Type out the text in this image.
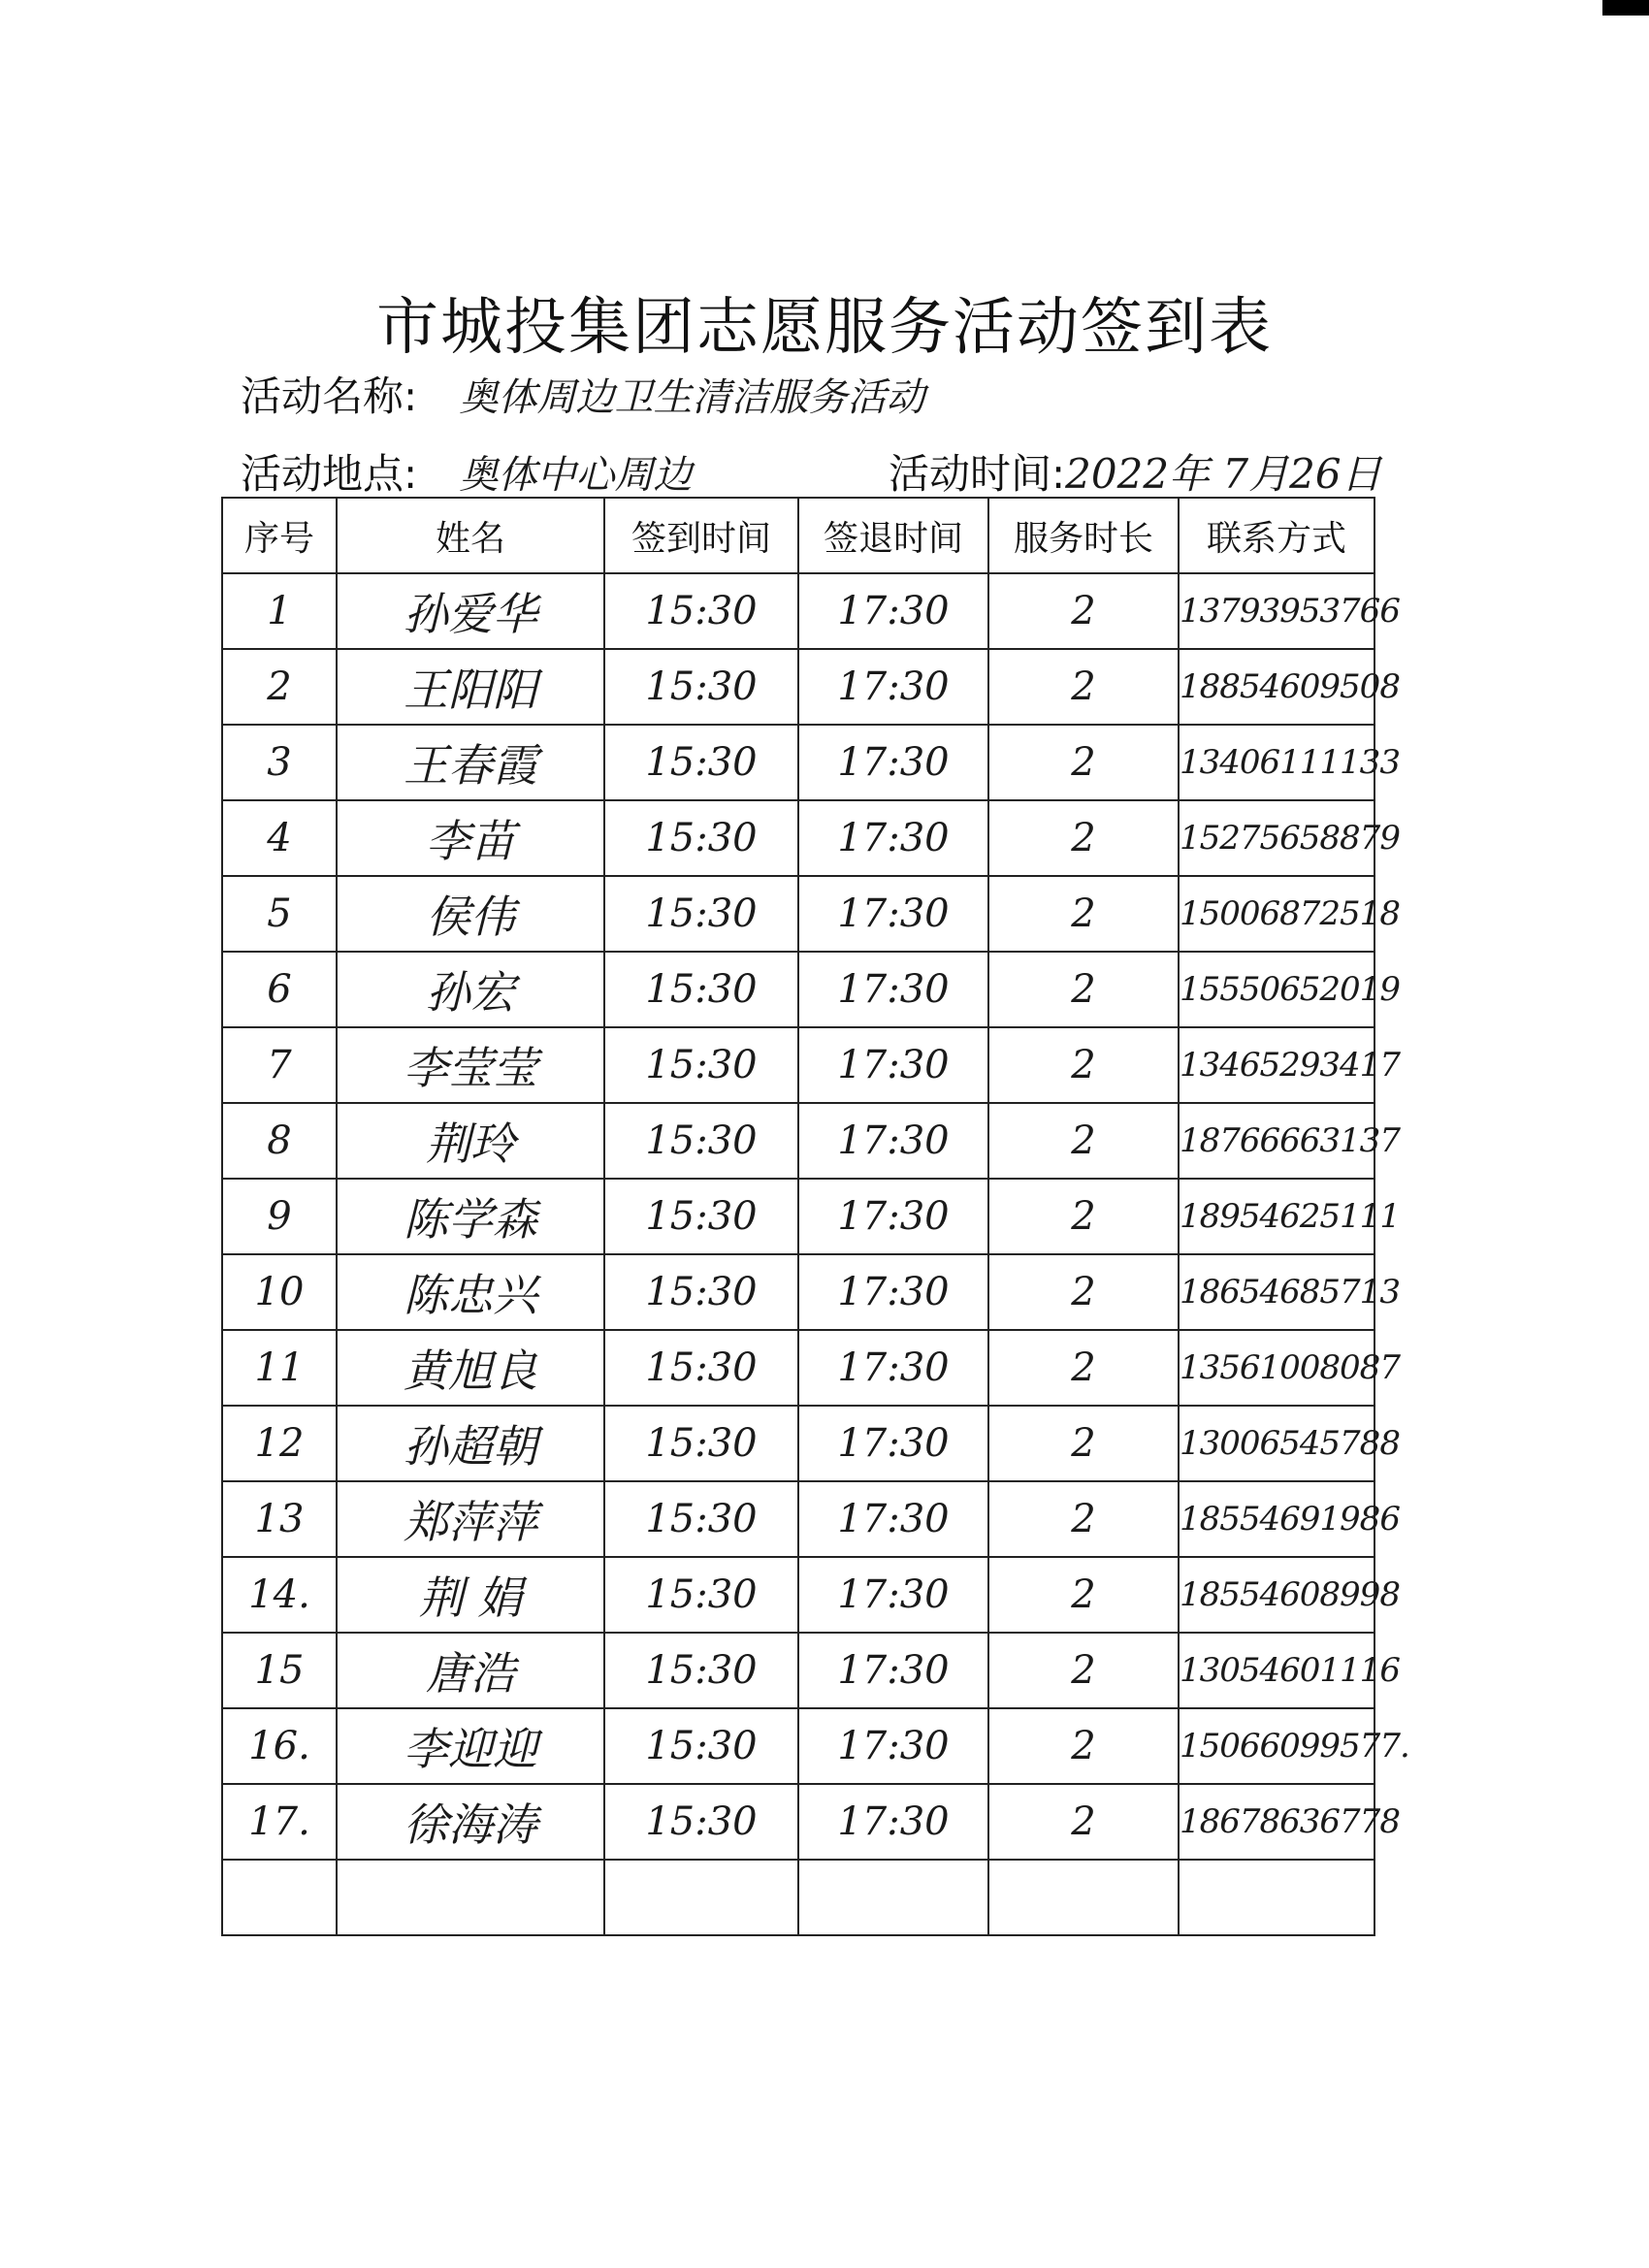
市城投集团志愿服务活动签到表
活动名称: 奥体周边卫生清洁服务活动
活动地点: 奥体中心周边	活动时间:2022年 7月26日
序号	姓名	签到时间	签退时间	服务时长	联系方式
1	孙爱华	15:30	17:30	2	13793953766
2	王阳阳	15:30	17:30	2	18854609508
3	王春霞	15:30	17:30	2	13406111133
4	李苗	15:30	17:30	2	15275658879
5	侯伟	15:30	17:30	2	15006872518
6	孙宏	15:30	17:30	2	15550652019
7	李莹莹	15:30	17:30	2	13465293417
8	荆玲	15:30	17:30	2	18766663137
9	陈学森	15:30	17:30	2	18954625111
10	陈忠兴	15:30	17:30	2	18654685713
11	黄旭良	15:30	17:30	2	13561008087
12	孙超朝	15:30	17:30	2	13006545788
13	郑萍萍	15:30	17:30	2	18554691986
14.	荆 娟	15:30	17:30	2	18554608998
15	唐浩	15:30	17:30	2	13054601116
16.	李迎迎	15:30	17:30	2	15066099577.
17.	徐海涛	15:30	17:30	2	18678636778
